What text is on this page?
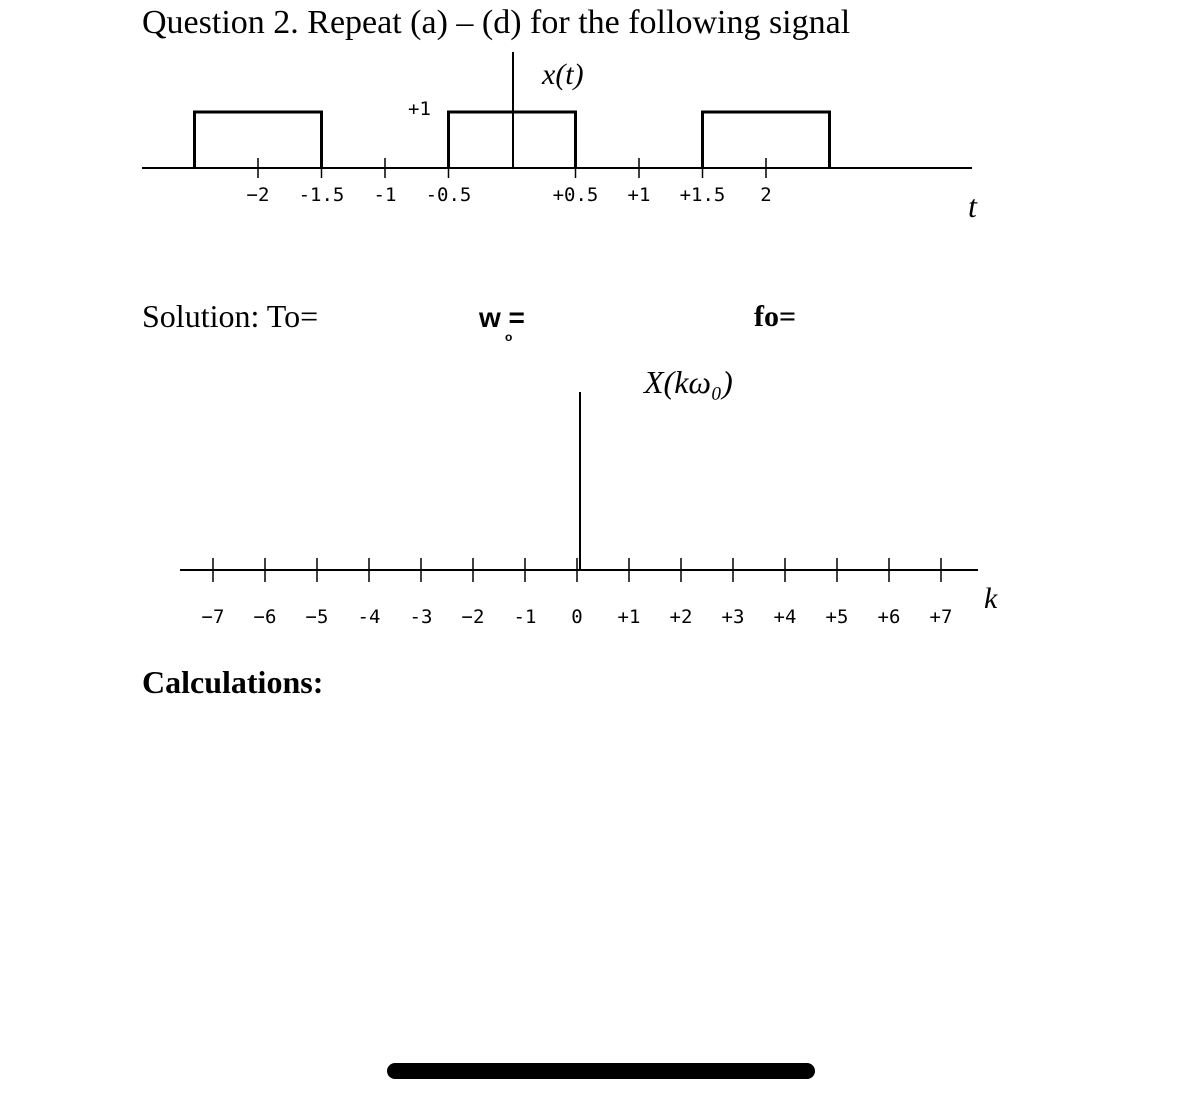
Question 2. Repeat (a) – (d) for the following signal
x(t)
+1
t
−2 -1.5 -1 -0.5	+0.5 +1 +1.5 2
Solution: To=	w =
o
fo=
X(kω₀)
−7 −6 −5 -4 -3 −2 -1 0 +1 +2 +3 +4 +5 +6 +7
k
Calculations:
